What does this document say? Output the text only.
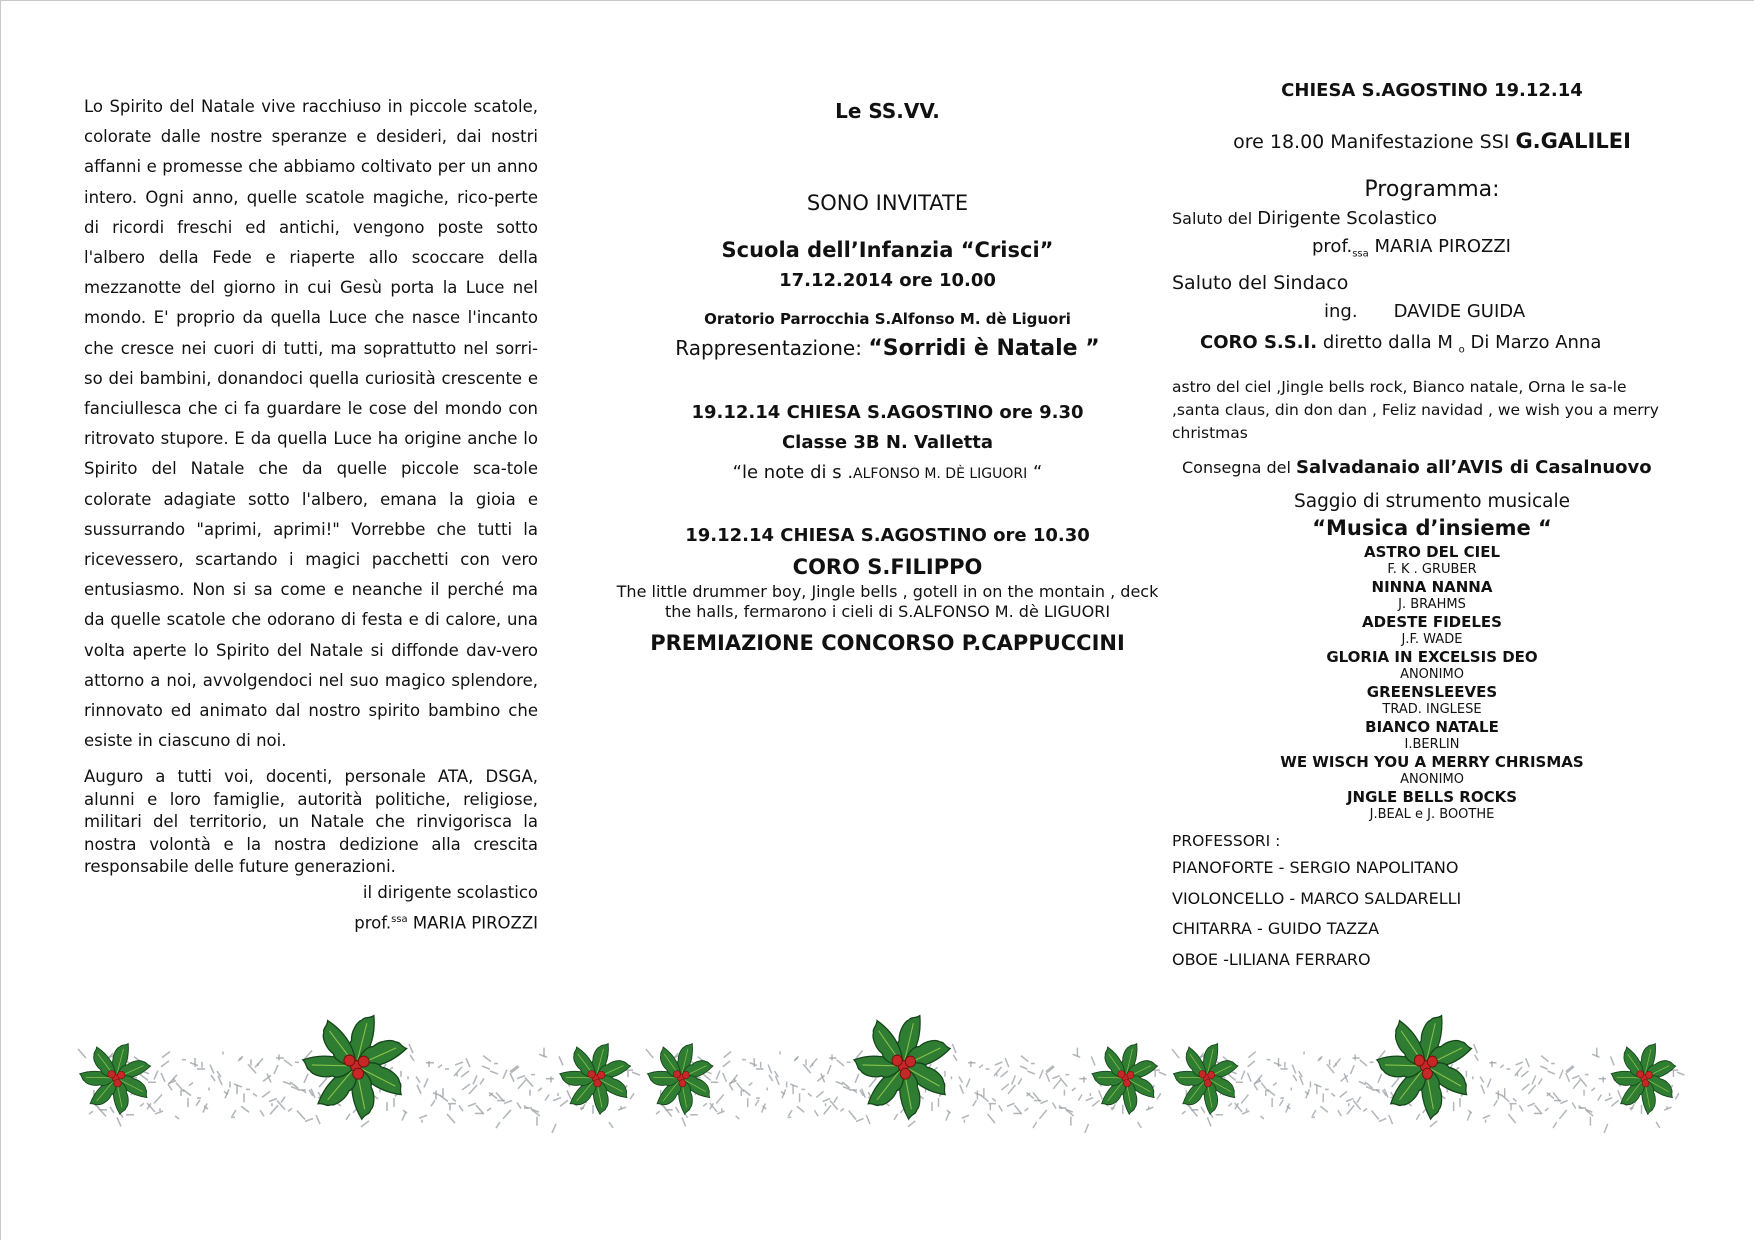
Lo Spirito del Natale vive racchiuso in piccole scatole, colorate dalle nostre speranze e desideri, dai nostri affanni e promesse che abbiamo coltivato per un anno intero. Ogni anno, quelle scatole magiche, rico-perte di ricordi freschi ed antichi, vengono poste sotto l'albero della Fede e riaperte allo scoccare della mezzanotte del giorno in cui Gesù porta la Luce nel mondo. E' proprio da quella Luce che nasce l'incanto che cresce nei cuori di tutti, ma soprattutto nel sorri-so dei bambini, donandoci quella curiosità crescente e fanciullesca che ci fa guardare le cose del mondo con ritrovato stupore. E da quella Luce ha origine anche lo Spirito del Natale che da quelle piccole sca-tole colorate adagiate sotto l'albero, emana la gioia e sussurrando "aprimi, aprimi!" Vorrebbe che tutti la ricevessero, scartando i magici pacchetti con vero entusiasmo. Non si sa come e neanche il perché ma da quelle scatole che odorano di festa e di calore, una volta aperte lo Spirito del Natale si diffonde dav-vero attorno a noi, avvolgendoci nel suo magico splendore, rinnovato ed animato dal nostro spirito bambino che esiste in ciascuno di noi.

Auguro a tutti voi, docenti, personale ATA, DSGA, alunni e loro famiglie, autorità politiche, religiose, militari del territorio, un Natale che rinvigorisca la nostra volontà e la nostra dedizione alla crescita responsabile delle future generazioni.

il dirigente scolastico

prof.$^{ssa}$ MARIA PIROZZI

Le SS.VV.

SONO INVITATE

Scuola dell’Infanzia “Crisci”

17.12.2014 ore 10.00

Oratorio Parrocchia S.Alfonso M. dè Liguori

Rappresentazione: “Sorridi è Natale ”

19.12.14 CHIESA S.AGOSTINO ore 9.30

Classe 3B N. Valletta

“le note di s .ALFONSO M. DÈ LIGUORI “

19.12.14 CHIESA S.AGOSTINO ore 10.30

CORO S.FILIPPO

The little drummer boy, Jingle bells , gotell in on the montain , deck the halls, fermarono i cieli di S.ALFONSO M. dè LIGUORI

PREMIAZIONE CONCORSO P.CAPPUCCINI

CHIESA S.AGOSTINO 19.12.14

ore 18.00 Manifestazione SSI G.GALILEI

Programma:

Saluto del Dirigente Scolastico

$prof._{ssa}$ MARIA PIROZZI

Saluto del Sindaco

ing. DAVIDE GUIDA

CORO S.S.I. diretto dalla M $_o$ Di Marzo Anna

astro del ciel ,Jingle bells rock, Bianco natale, Orna le sa-le ,santa claus, din don dan , Feliz navidad , we wish you a merry christmas

Consegna del Salvadanaio all’AVIS di Casalnuovo

Saggio di strumento musicale

“Musica d’insieme “

ASTRO DEL CIEL

F. K . GRUBER

NINNA NANNA

J. BRAHMS

ADESTE FIDELES

J.F. WADE

GLORIA IN EXCELSIS DEO

ANONIMO

GREENSLEEVES

TRAD. INGLESE

BIANCO NATALE

I.BERLIN

WE WISCH YOU A MERRY CHRISMAS

ANONIMO

JNGLE BELLS ROCKS

J.BEAL e J. BOOTHE

PROFESSORI :

PIANOFORTE - SERGIO NAPOLITANO

VIOLONCELLO - MARCO SALDARELLI

CHITARRA - GUIDO TAZZA

OBOE -LILIANA FERRARO
